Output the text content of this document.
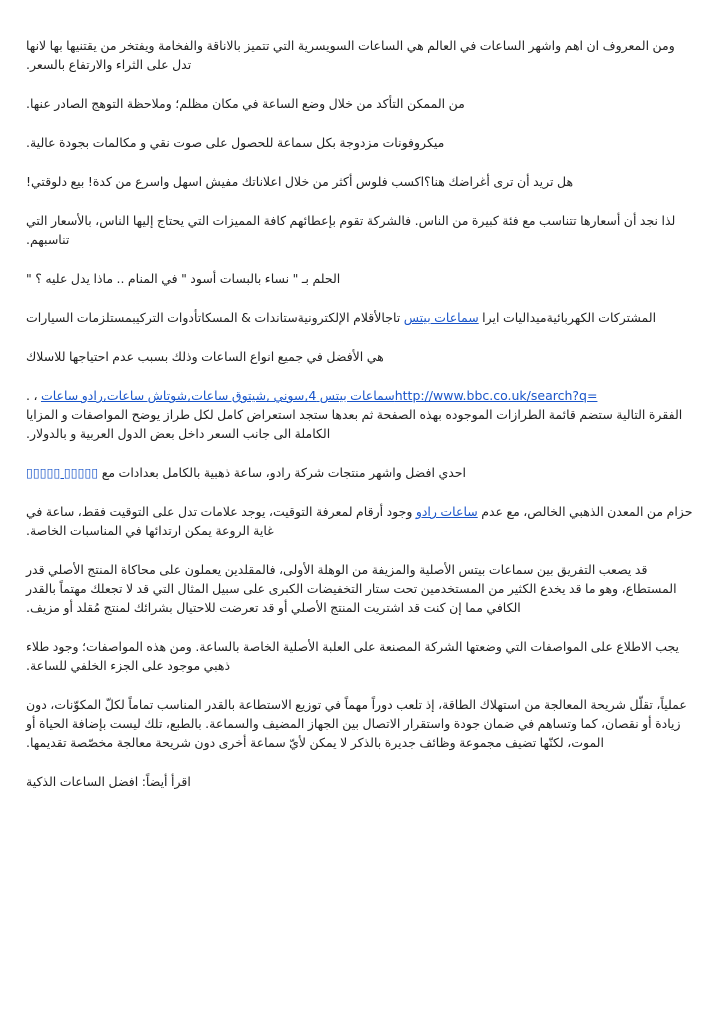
ومن المعروف ان اهم واشهر الساعات في العالم هي الساعات السويسرية التي تتميز بالاناقة والفخامة ويفتخر من يقتنيها بها لانها تدل على الثراء والارتفاع بالسعر.

من الممكن التأكد من خلال وضع الساعة في مكان مظلم؛ وملاحظة التوهج الصادر عنها.

ميكروفونات مزدوجة بكل سماعة للحصول على صوت نقي و مكالمات بجودة عالية.

هل تريد أن ترى أغراضك هنا؟اكسب فلوس أكثر من خلال اعلاناتك مفيش اسهل واسرع من كدة! بيع دلوقتي!

لذا نجد أن أسعارها تتناسب مع فئة كبيرة من الناس. فالشركة تقوم بإعطائهم كافة المميزات التي يحتاج إليها الناس، بالأسعار التي تناسبهم.

الحلم بـ " نساء بالبسات أسود " في المنام .. ماذا يدل عليه ؟ "

المشتركات الكهربائيةميداليات ايرا سماعات بيتس تاجالأقلام الإلكترونيةستاندات & المسكاتأدوات التركيبمستلزمات السيارات

هي الأفضل في جميع انواع الساعات وذلك بسبب عدم احتياجها للاسلاك

http://www.bbc.co.uk/search?q=سماعات بيتس 4,سوني ,شيتوق ساعات,شوتاش ساعات,رادو ساعات ، .
الفقرة التالية ستضم قائمة الطرازات الموجوده بهذه الصفحة ثم بعدها ستجد استعراض كامل لكل طراز يوضح المواصفات و المزايا الكاملة الى جانب السعر داخل بعض الدول العربية و بالدولار.

احدي افضل واشهر منتجات شركة رادو، ساعة ذهبية بالكامل بعدادات مع ▯▯▯▯▯ ▯▯▯▯▯

حزام من المعدن الذهبي الخالص، مع عدم ساعات رادو وجود أرقام لمعرفة التوقيت، يوجد علامات تدل على التوقيت فقط، ساعة في غاية الروعة يمكن ارتدائها في المناسبات الخاصة.

قد يصعب التفريق بين سماعات بيتس الأصلية والمزيفة من الوهلة الأولى، فالمقلدين يعملون على محاكاة المنتج الأصلي قدر المستطاع، وهو ما قد يخدع الكثير من المستخدمين تحت ستار التخفيضات الكبرى على سبيل المثال التي قد لا تجعلك مهتماً بالقدر الكافي مما إن كنت قد اشتريت المنتج الأصلي أو قد تعرضت للاحتيال بشرائك لمنتج مُقلد أو مزيف.

يجب الاطلاع على المواصفات التي وضعتها الشركة المصنعة على العلبة الأصلية الخاصة بالساعة. ومن هذه المواصفات؛ وجود طلاء ذهبي موجود على الجزء الخلفي للساعة.

عملياً، تقلّل شريحة المعالجة من استهلاك الطاقة، إذ تلعب دوراً مهماً في توزيع الاستطاعة بالقدر المناسب تماماً لكلّ المكوّنات، دون زيادة أو نقصان، كما وتساهم في ضمان جودة واستقرار الاتصال بين الجهاز المضيف والسماعة. بالطبع، تلك ليست بإضافة الحياة أو الموت، لكنّها تضيف مجموعة وظائف جديرة بالذكر لا يمكن لأيّ سماعة أخرى دون شريحة معالجة مخصّصة تقديمها.

اقرأ أيضاً: افضل الساعات الذكية
